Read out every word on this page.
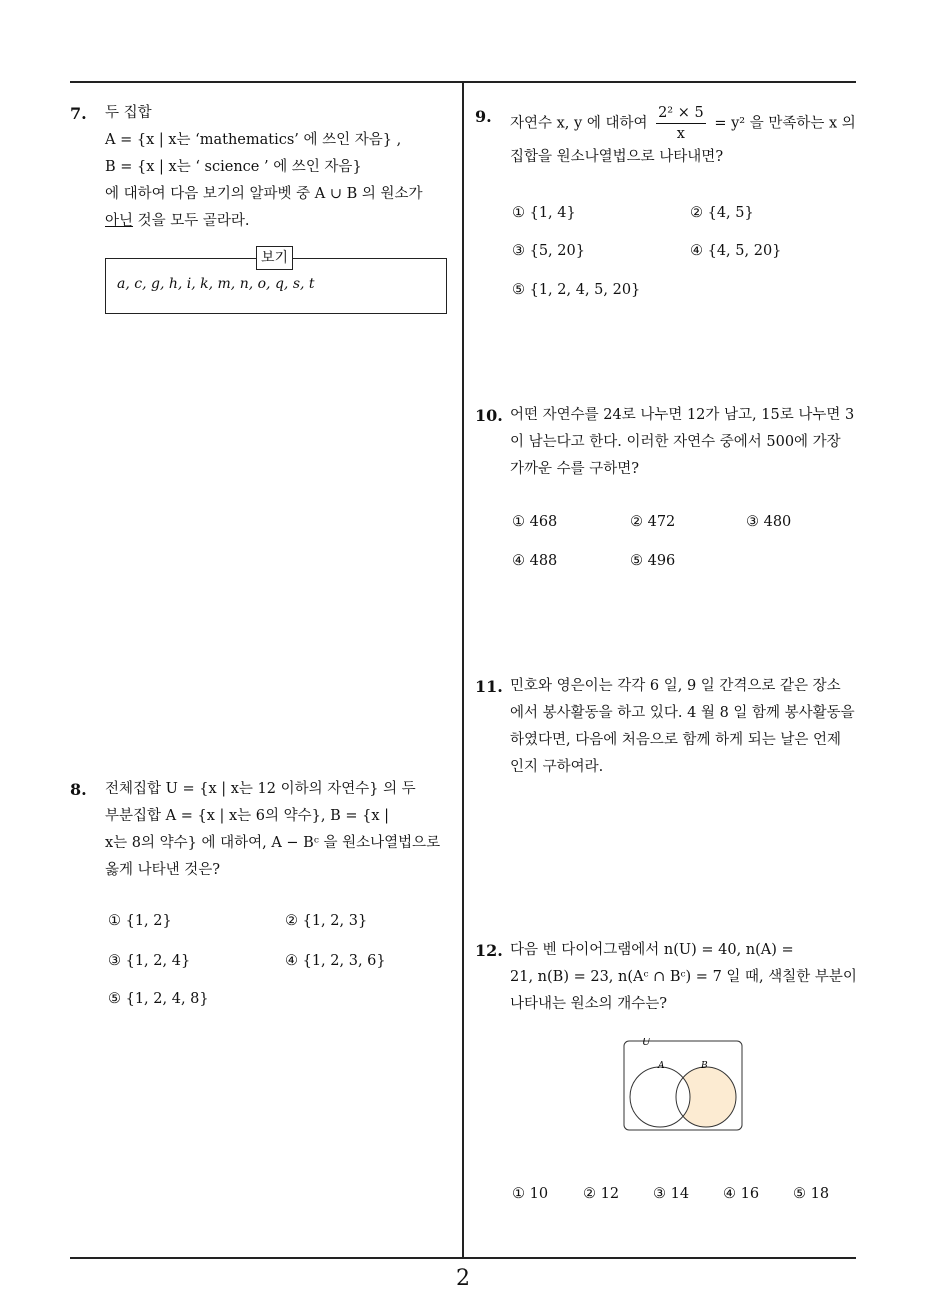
2
7. 두 집합
A = {x | x는 ‘mathematics’ 에 쓰인 자음} ,
B = {x | x는 ‘ science ’ 에 쓰인 자음}
에 대하여 다음 보기의 알파벳 중 A ∪ B 의 원소가
아닌 것을 모두 골라라.
보기
a, c, g, h, i, k, m, n, o, q, s, t
8. 전체집합 U = {x | x는 12 이하의 자연수} 의 두
부분집합 A = {x | x는 6의 약수}, B = {x |
x는 8의 약수} 에 대하여, A − Bᶜ 을 원소나열법으로
옳게 나타낸 것은?
① {1, 2}	② {1, 2, 3}
③ {1, 2, 4}	④ {1, 2, 3, 6}
⑤ {1, 2, 4, 8}
9. 자연수 x, y 에 대하여 $\frac{\text{2² × 5}}{x} = y^2$ 을 만족하는 x 의
집합을 원소나열법으로 나타내면?
① {1, 4}	② {4, 5}
③ {5, 20}	④ {4, 5, 20}
⑤ {1, 2, 4, 5, 20}
10. 어떤 자연수를 24로 나누면 12가 남고, 15로 나누면 3
이 남는다고 한다. 이러한 자연수 중에서 500에 가장
가까운 수를 구하면?
① 468	② 472	③ 480
④ 488	⑤ 496
11. 민호와 영은이는 각각 6 일, 9 일 간격으로 같은 장소
에서 봉사활동을 하고 있다. 4 월 8 일 함께 봉사활동을
하였다면, 다음에 처음으로 함께 하게 되는 날은 언제
인지 구하여라.
12. 다음 벤 다이어그램에서 n(U) = 40, n(A) =
21, n(B) = 23, n(Aᶜ ∩ Bᶜ) = 7 일 때, 색칠한 부분이
나타내는 원소의 개수는?
U
A	B
① 10 ② 12 ③ 14 ④ 16 ⑤ 18
